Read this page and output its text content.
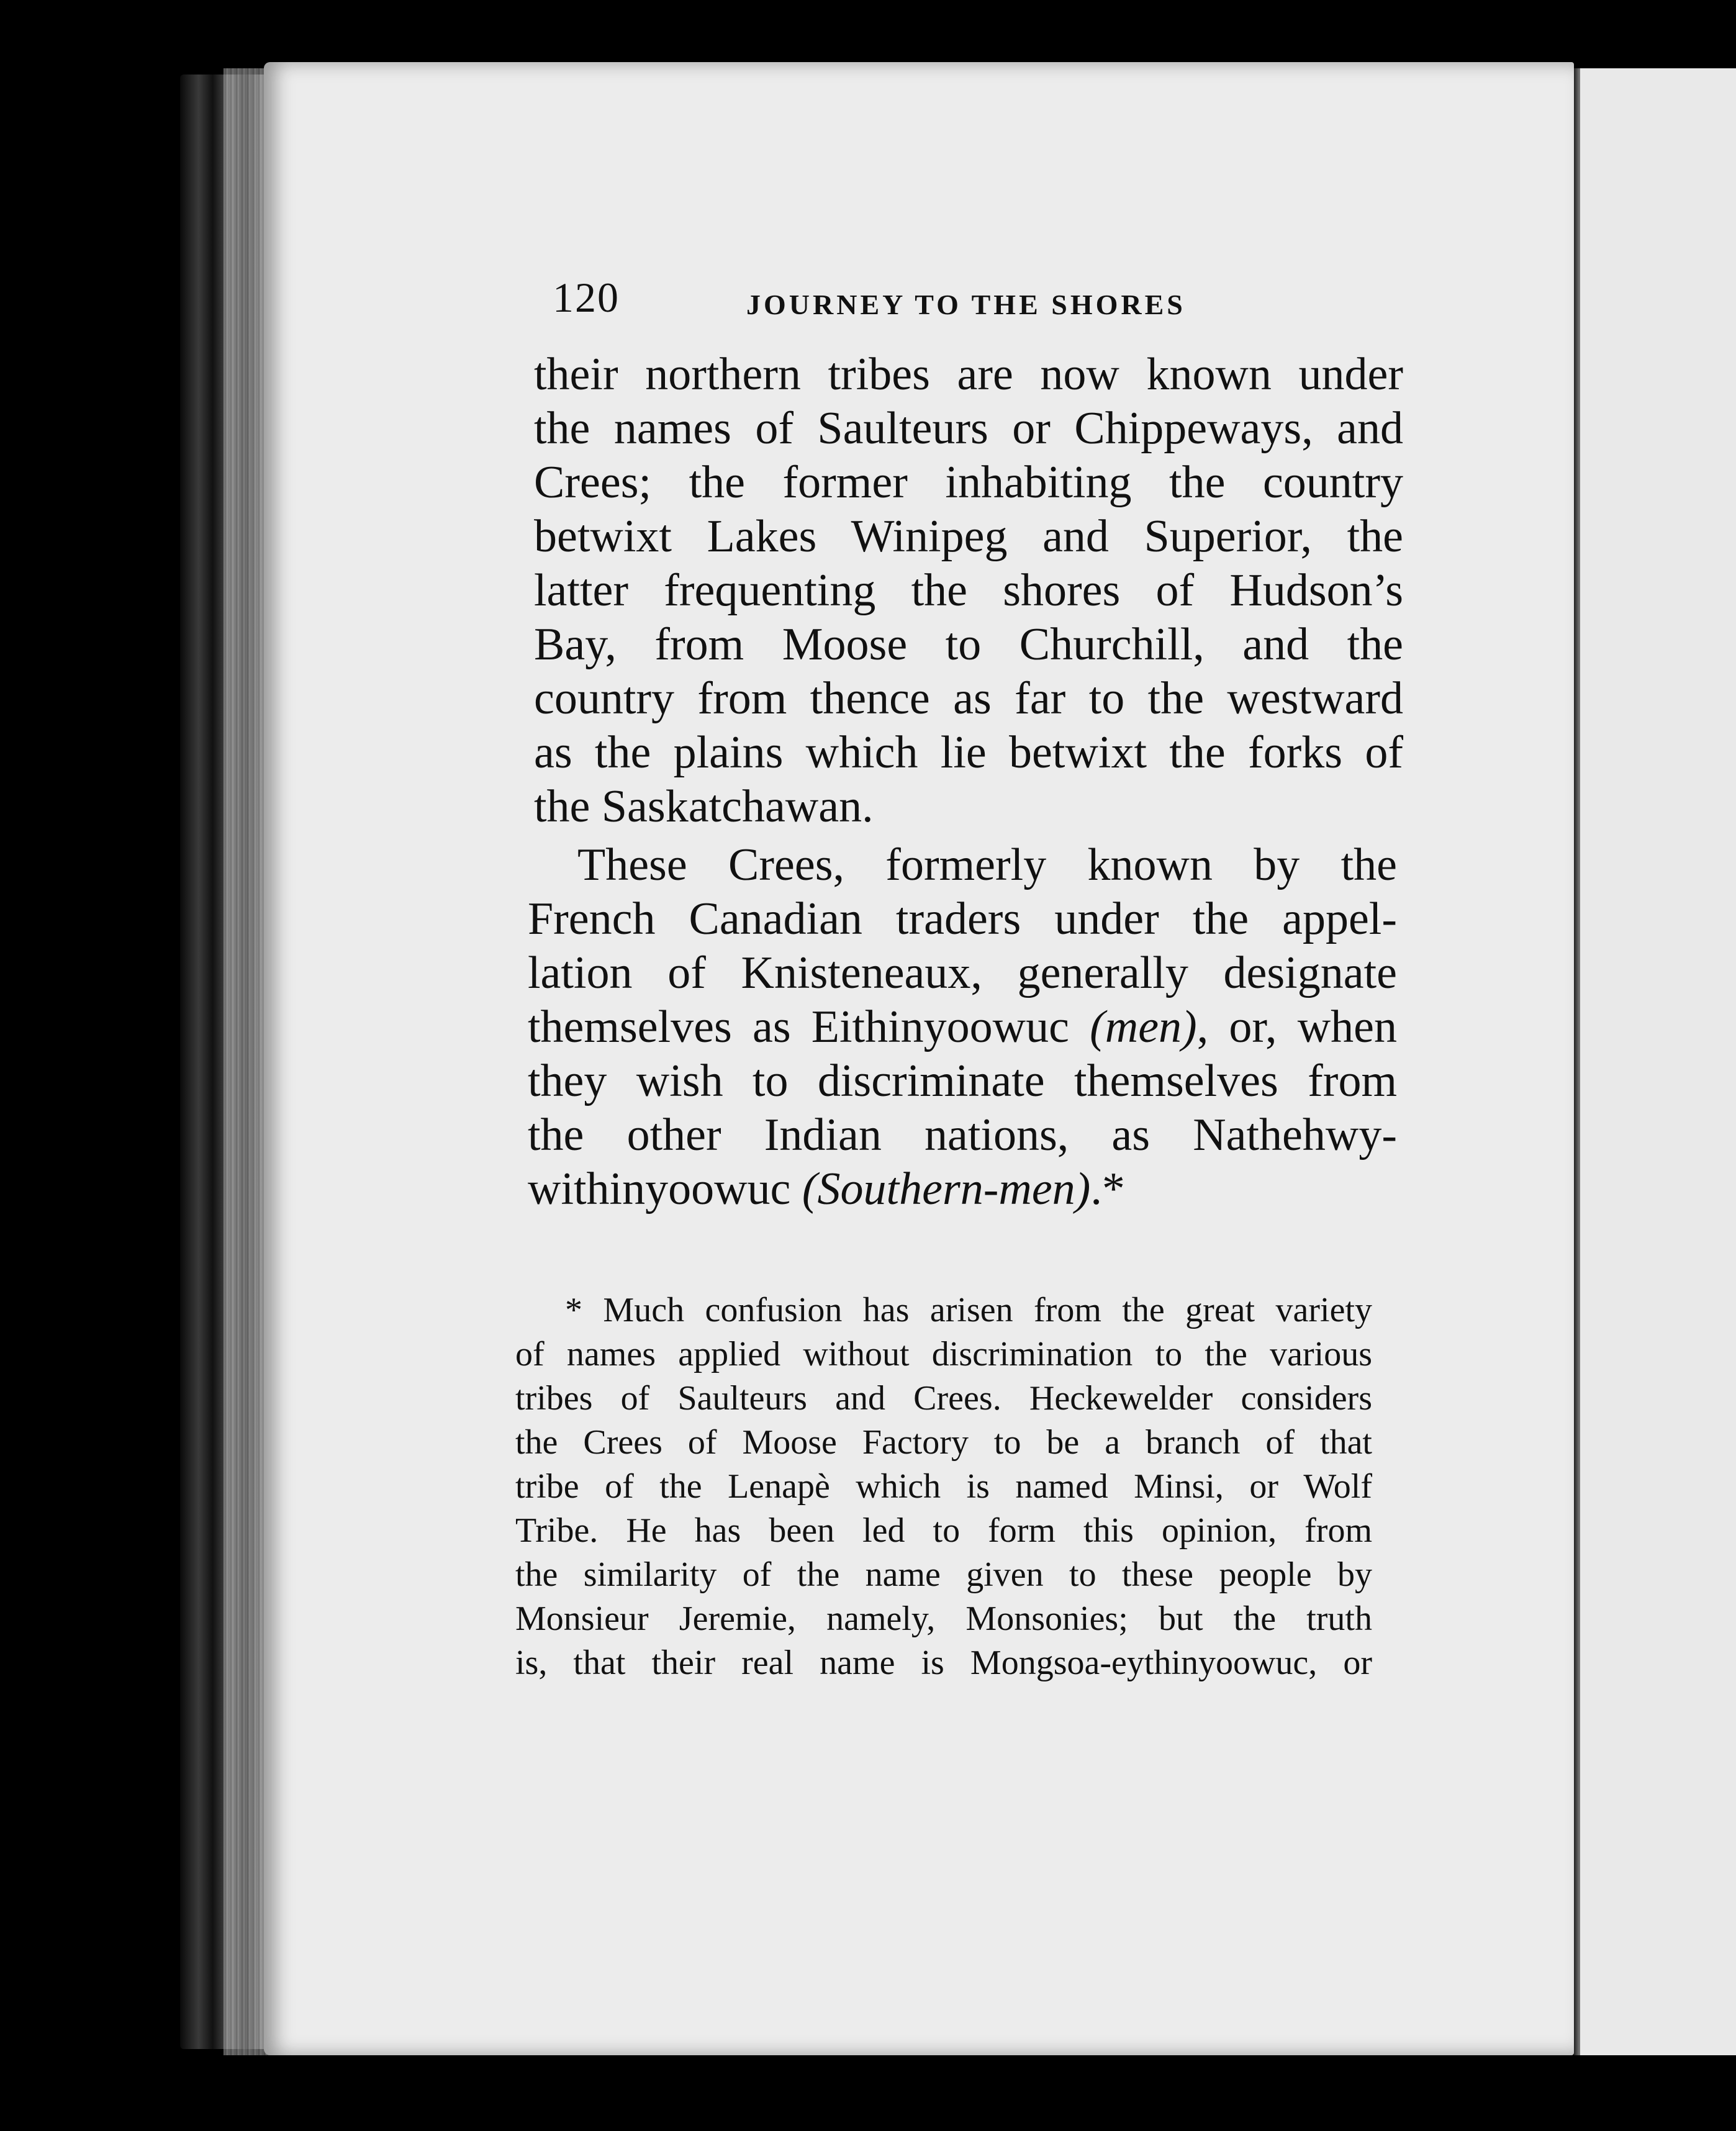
120	JOURNEY TO THE SHORES
their northern tribes are now known under
the names of Saulteurs or Chippeways, and
Crees; the former inhabiting the country
betwixt Lakes Winipeg and Superior, the
latter frequenting the shores of Hudson’s
Bay, from Moose to Churchill, and the
country from thence as far to the westward
as the plains which lie betwixt the forks of
the Saskatchawan.
These Crees, formerly known by the
French Canadian traders under the appel-
lation of Knisteneaux, generally designate
themselves as Eithinyoowuc (men), or, when
they wish to discriminate themselves from
the other Indian nations, as Nathehwy-
withinyoowuc (Southern-men).*
* Much confusion has arisen from the great variety
of names applied without discrimination to the various
tribes of Saulteurs and Crees. Heckewelder considers
the Crees of Moose Factory to be a branch of that
tribe of the Lenapè which is named Minsi, or Wolf
Tribe. He has been led to form this opinion, from
the similarity of the name given to these people by
Monsieur Jeremie, namely, Monsonies; but the truth
is, that their real name is Mongsoa-eythinyoowuc, or
